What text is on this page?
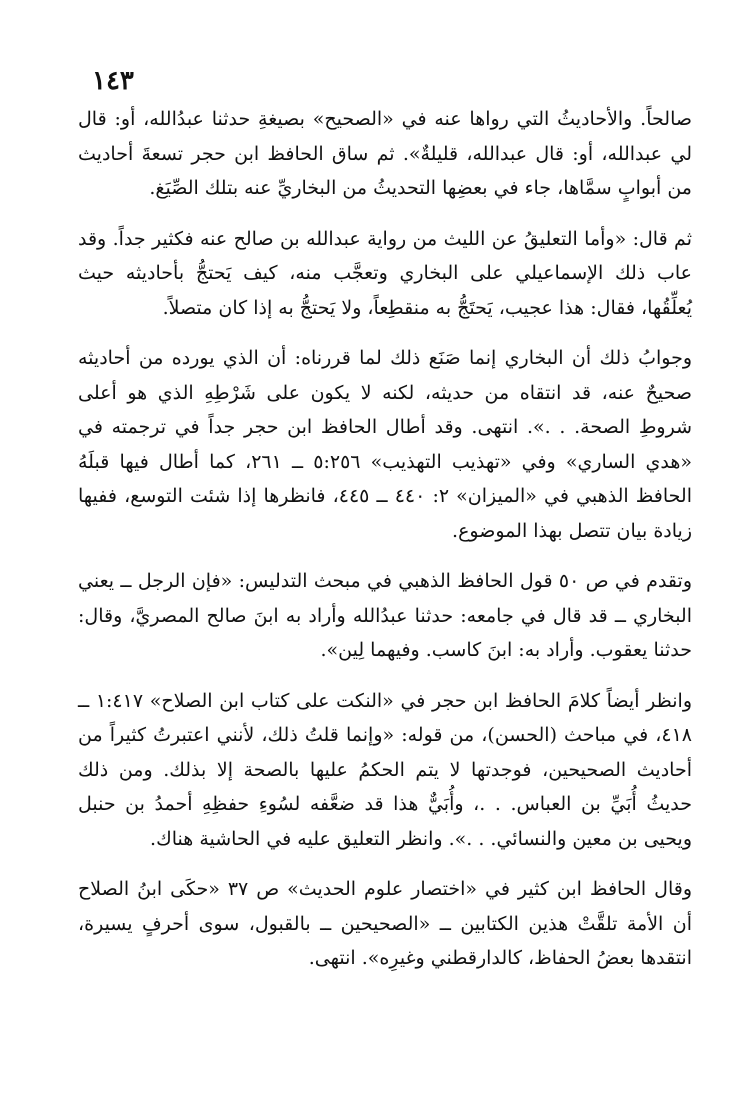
١٤٣

صالحاً. والأحاديثُ التي رواها عنه في «الصحيح» بصيغةِ حدثنا عبدُالله، أو: قال لي عبدالله، أو: قال عبدالله، قليلةٌ». ثم ساق الحافظ ابن حجر تسعةَ أحاديث من أبوابٍ سمَّاها، جاء في بعضِها التحديثُ من البخاريِّ عنه بتلك الصِّيَغ.

ثم قال: «وأما التعليقُ عن الليث من رواية عبدالله بن صالح عنه فكثير جداً. وقد عاب ذلك الإسماعيلي على البخاري وتعجَّب منه، كيف يَحتجُّ بأحاديثه حيث يُعلِّقُها، فقال: هذا عجيب، يَحتَجُّ به منقطِعاً، ولا يَحتجُّ به إذا كان متصلاً.

وجوابُ ذلك أن البخاري إنما صَنَع ذلك لما قررناه: أن الذي يورده من أحاديثه صحيحٌ عنه، قد انتقاه من حديثه، لكنه لا يكون على شَرْطِهِ الذي هو أعلى شروطِ الصحة. . .». انتهى. وقد أطال الحافظ ابن حجر جداً في ترجمته في «هدي الساري» وفي «تهذيب التهذيب» ٥:٢٥٦ ــ ٢٦١، كما أطال فيها قبلَهُ الحافظ الذهبي في «الميزان» ٢: ٤٤٠ ــ ٤٤٥، فانظرها إذا شئت التوسع، ففيها زيادة بيان تتصل بهذا الموضوع.

وتقدم في ص ٥٠ قول الحافظ الذهبي في مبحث التدليس: «فإن الرجل ــ يعني البخاري ــ قد قال في جامعه: حدثنا عبدُالله وأراد به ابنَ صالح المصريَّ، وقال: حدثنا يعقوب. وأراد به: ابنَ كاسب. وفيهما لِين».

وانظر أيضاً كلامَ الحافظ ابن حجر في «النكت على كتاب ابن الصلاح» ١:٤١٧ ــ ٤١٨، في مباحث (الحسن)، من قوله: «وإنما قلتُ ذلك، لأنني اعتبرتُ كثيراً من أحاديث الصحيحين، فوجدتها لا يتم الحكمُ عليها بالصحة إلا بذلك. ومن ذلك حديثُ أُبَيِّ بن العباس. . .، وأُبَيٌّ هذا قد ضعَّفه لسُوءِ حفظِهِ أحمدُ بن حنبل ويحيى بن معين والنسائي. . .». وانظر التعليق عليه في الحاشية هناك.

وقال الحافظ ابن كثير في «اختصار علوم الحديث» ص ٣٧ «حكَى ابنُ الصلاح أن الأمة تلقَّتْ هذين الكتابين ــ «الصحيحين ــ بالقبول، سوى أحرفٍ يسيرة، انتقدها بعضُ الحفاظ، كالدارقطني وغيرِه». انتهى.
